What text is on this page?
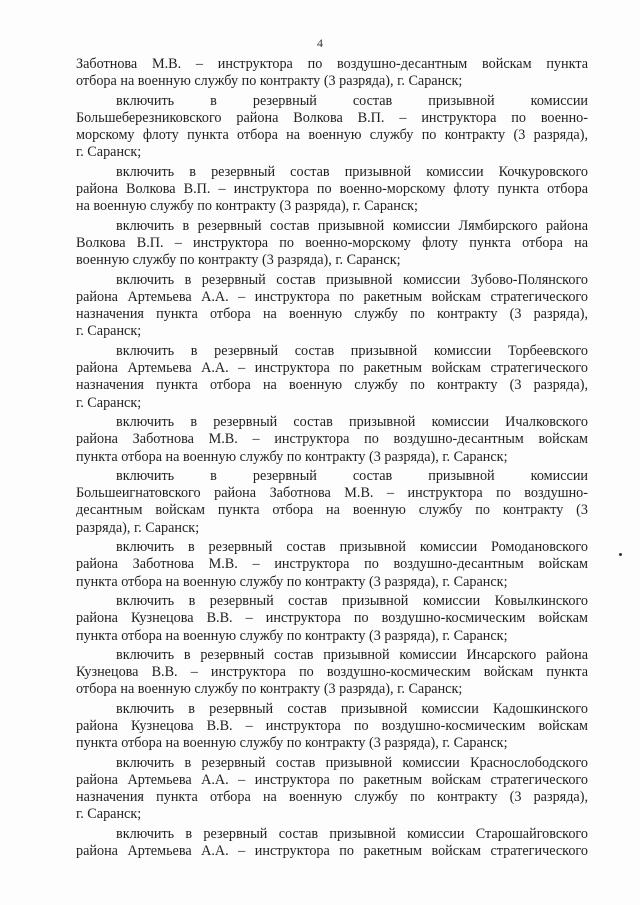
4
Заботнова М.В. – инструктора по воздушно-десантным войскам пункта
отбора на военную службу по контракту (3 разряда), г. Саранск;
включить в резервный состав призывной комиссии
Большеберезниковского района Волкова В.П. – инструктора по военно-
морскому флоту пункта отбора на военную службу по контракту (3 разряда),
г. Саранск;
включить в резервный состав призывной комиссии Кочкуровского
района Волкова В.П. – инструктора по военно-морскому флоту пункта отбора
на военную службу по контракту (3 разряда), г. Саранск;
включить в резервный состав призывной комиссии Лямбирского района
Волкова В.П. – инструктора по военно-морскому флоту пункта отбора на
военную службу по контракту (3 разряда), г. Саранск;
включить в резервный состав призывной комиссии Зубово-Полянского
района Артемьева А.А. – инструктора по ракетным войскам стратегического
назначения пункта отбора на военную службу по контракту (3 разряда),
г. Саранск;
включить в резервный состав призывной комиссии Торбеевского
района Артемьева А.А. – инструктора по ракетным войскам стратегического
назначения пункта отбора на военную службу по контракту (3 разряда),
г. Саранск;
включить в резервный состав призывной комиссии Ичалковского
района Заботнова М.В. – инструктора по воздушно-десантным войскам
пункта отбора на военную службу по контракту (3 разряда), г. Саранск;
включить в резервный состав призывной комиссии
Большеигнатовского района Заботнова М.В. – инструктора по воздушно-
десантным войскам пункта отбора на военную службу по контракту (3
разряда), г. Саранск;
включить в резервный состав призывной комиссии Ромодановского
района Заботнова М.В. – инструктора по воздушно-десантным войскам
пункта отбора на военную службу по контракту (3 разряда), г. Саранск;
включить в резервный состав призывной комиссии Ковылкинского
района Кузнецова В.В. – инструктора по воздушно-космическим войскам
пункта отбора на военную службу по контракту (3 разряда), г. Саранск;
включить в резервный состав призывной комиссии Инсарского района
Кузнецова В.В. – инструктора по воздушно-космическим войскам пункта
отбора на военную службу по контракту (3 разряда), г. Саранск;
включить в резервный состав призывной комиссии Кадошкинского
района Кузнецова В.В. – инструктора по воздушно-космическим войскам
пункта отбора на военную службу по контракту (3 разряда), г. Саранск;
включить в резервный состав призывной комиссии Краснослободского
района Артемьева А.А. – инструктора по ракетным войскам стратегического
назначения пункта отбора на военную службу по контракту (3 разряда),
г. Саранск;
включить в резервный состав призывной комиссии Старошайговского
района Артемьева А.А. – инструктора по ракетным войскам стратегического
